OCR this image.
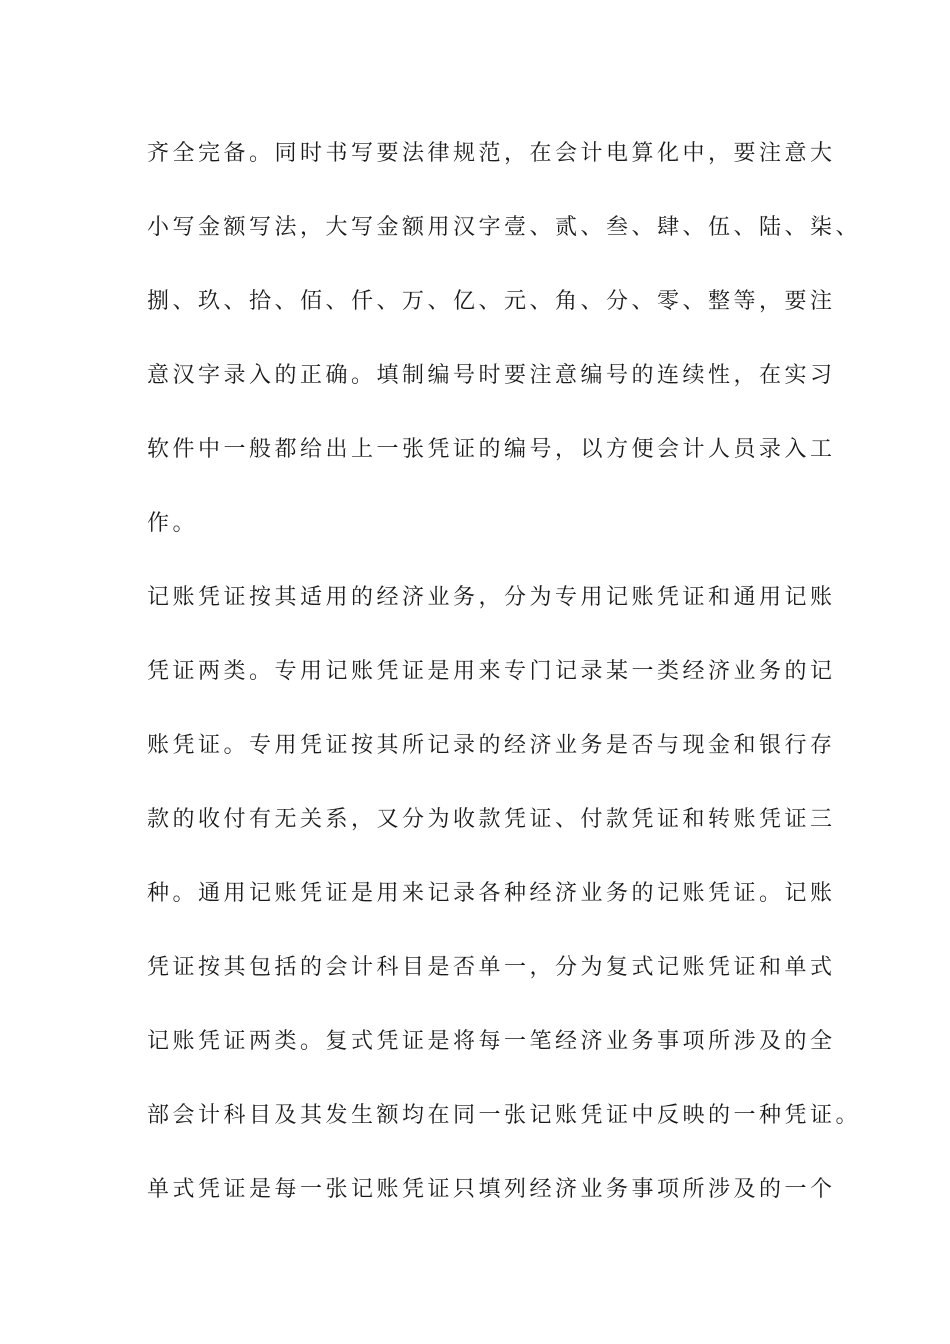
齐全完备。同时书写要法律规范，在会计电算化中，要注意大
小写金额写法，大写金额用汉字壹、贰、叁、肆、伍、陆、柒、
捌、玖、拾、佰、仟、万、亿、元、角、分、零、整等，要注
意汉字录入的正确。填制编号时要注意编号的连续性，在实习
软件中一般都给出上一张凭证的编号，以方便会计人员录入工
作。
记账凭证按其适用的经济业务，分为专用记账凭证和通用记账
凭证两类。专用记账凭证是用来专门记录某一类经济业务的记
账凭证。专用凭证按其所记录的经济业务是否与现金和银行存
款的收付有无关系，又分为收款凭证、付款凭证和转账凭证三
种。通用记账凭证是用来记录各种经济业务的记账凭证。记账
凭证按其包括的会计科目是否单一，分为复式记账凭证和单式
记账凭证两类。复式凭证是将每一笔经济业务事项所涉及的全
部会计科目及其发生额均在同一张记账凭证中反映的一种凭证。
单式凭证是每一张记账凭证只填列经济业务事项所涉及的一个
